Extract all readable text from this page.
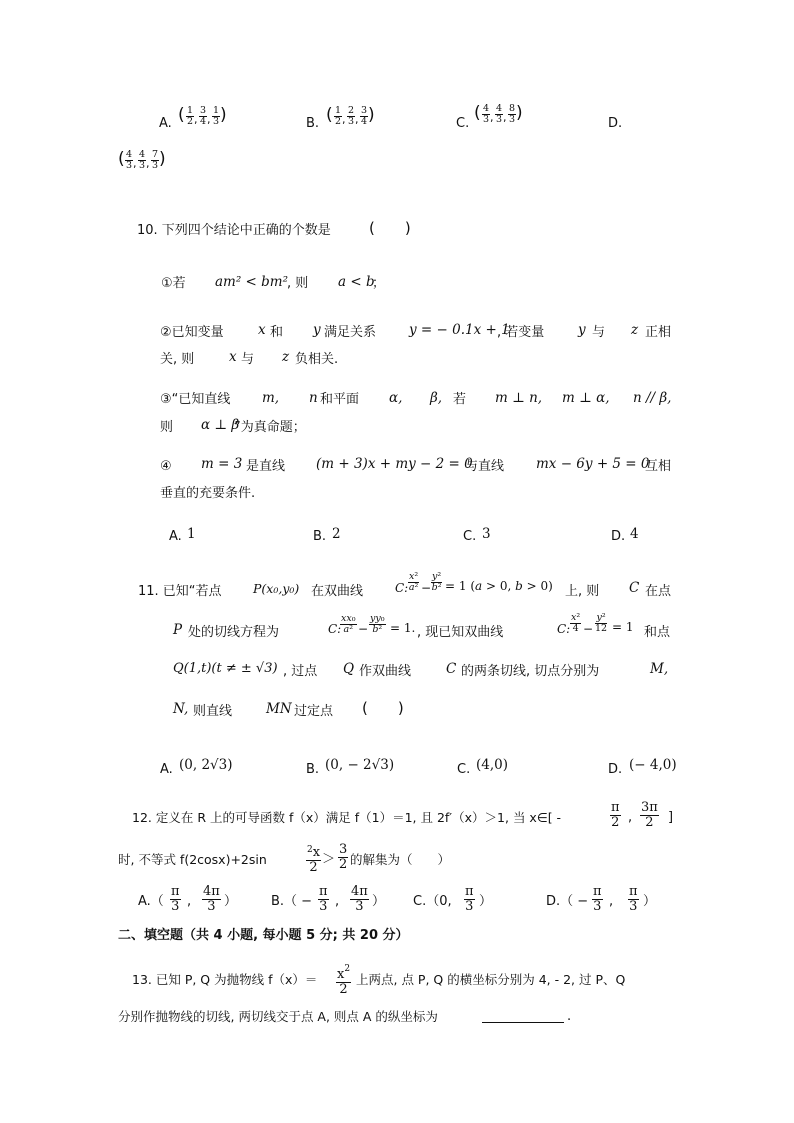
A. ( $\frac{1}{2}$ , $\frac{3}{4}$ , $\frac{1}{3}$ )	B. ( $\frac{1}{2}$ , $\frac{2}{3}$ , $\frac{3}{4}$ )	C.
( $\frac{4}{3}$ , $\frac{4}{3}$ , $\frac{8}{3}$ )
D.
( $\frac{4}{3}$ , $\frac{4}{3}$ , $\frac{7}{3}$ )
10. 下列四个结论中正确的个数是	(　　)
①若 am² < bm²
, 则 a < b
；
②已知变量	x 和 y 满足关系 y = − 0.1x + 1
, 若变量 y 与 z 正相
关, 则	x 与 z 负相关.
③“已知直线 m, n 和平面 α, β, 若 m ⊥ n, m ⊥ α, n // β,
则 α ⊥ β
”为真命题；
④ m = 3 是直线 (m + 3)x + my − 2 = 0
与直线 mx − 6y + 5 = 0
互相
垂直的充要条件.
A. 1	B. 2	C. 3	D. 4
11. 已知“若点	P(x₀,y₀) 在双曲线	C: $\frac{\text{x²}}{\text{a²}} - \frac{\text{y²}}{\text{b²}} = 1$ (a > 0, b > 0) 上, 则 C 在点
P 处的切线方程为	C:
$\frac{\text{xx₀}}{\text{a²}} - \frac{\text{yy₀}}{\text{b²}} = 1$. , 现已知双曲线	C: $\frac{\text{x²}}{4} - \frac{\text{y²}}{12} = 1$ 和点
Q(1,t)(t ≠ ± √3) , 过点 Q 作双曲线	C 的两条切线, 切点分别为	M,
N, 则直线	MN 过定点 (　　)
A. (0, 2√3)	B. (0, − 2√3)	C. (4,0)	D. (− 4,0)
12. 定义在 R 上的可导函数 f（x）满足 f（1）＝1, 且 2f′（x）＞1, 当 x∈[ -	$\frac{\pi}{2}$ , $\frac{3\pi}{2}$ ]
时, 不等式 f(2cosx)+2sin	$\frac{^2x}{2} > \frac{3}{2}$ 的解集为（　　）
$A.( \frac{\pi}{3}$ , $\frac{4\pi}{3}$ ）	$B.( - \frac{\pi}{3}$ , $\frac{4\pi}{3}$ ） C.（0, $\frac{\pi}{3}$ ）	$D.( - \frac{\pi}{3}$ , $\frac{\pi}{3}$ ）
二、填空题（共 4 小题, 每小题 5 分; 共 20 分）
13. 已知 P, Q 为抛物线 $f(x)= \frac{x^2}{2}$ 上两点, 点 P, Q 的横坐标分别为 4, - 2, 过 P、Q
分别作抛物线的切线, 两切线交于点 A, 则点 A 的纵坐标为	.
